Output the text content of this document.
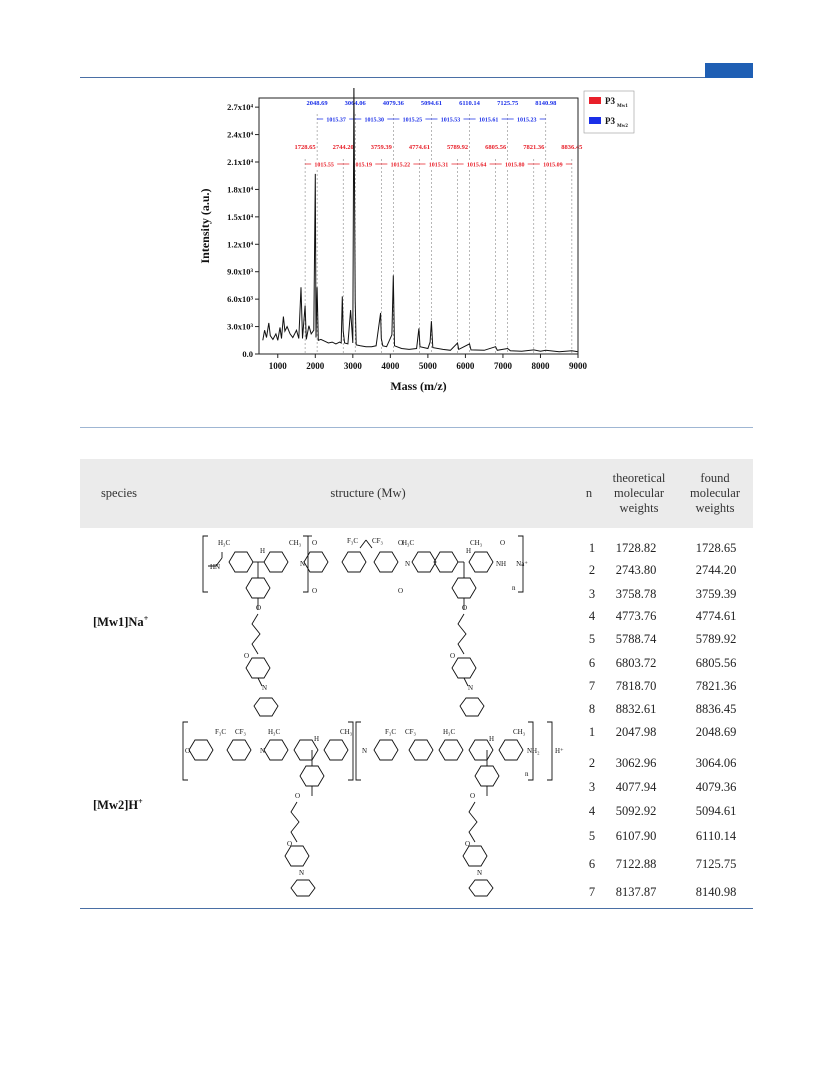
P3
Mw1
P3
Mw2
0.0
3.0x10³
6.0x10³
9.0x10³
1.2x10⁴
1.5x10⁴
1.8x10⁴
2.1x10⁴
2.4x10⁴
2.7x10⁴
Intensity (a.u.)
1000 2000 3000 4000 5000 6000 7000 8000 9000
Mass (m/z)
1728.65	2744.20	3759.39	4774.61	5789.92	6805.56	7821.36	8836.45
1015.55	1015.19	1015.22	1015.31	1015.64	1015.80	1015.09
2048.69	3064.06	4079.36	5094.61	6110.14	7125.75	8140.98
1015.37	1015.30	1015.25	1015.53	1015.61	1015.23
species	structure (Mw)	n
theoretical molecular weights
found molecular weights
[Mw1]Na+
[Mw2]H+
1	1728.82	1728.65
2	2743.80	2744.20
3	3758.78	3759.39
4	4773.76	4774.61
5	5788.74	5789.92
6	6803.72	6805.56
7	7818.70	7821.36
8	8832.61	8836.45
1	2047.98	2048.69
2	3062.96	3064.06
3	4077.94	4079.36
4	5092.92	5094.61
5	6107.90	6110.14
6	7122.88	7125.75
7	8137.87	8140.98
H₃C	CH₃
H
HN
O
O
N
F₃C CF₃ O
O
N
H₃C	CH₃
H
NH
O
n
Na⁺
O
O
O
O
N	N
F₃C CF₃	H₃C	CH₃
H
O	N	N
F₃C CF₃	H₃C	CH₃
H
NH₂ H⁺
n
O	O
O	O
N	N
